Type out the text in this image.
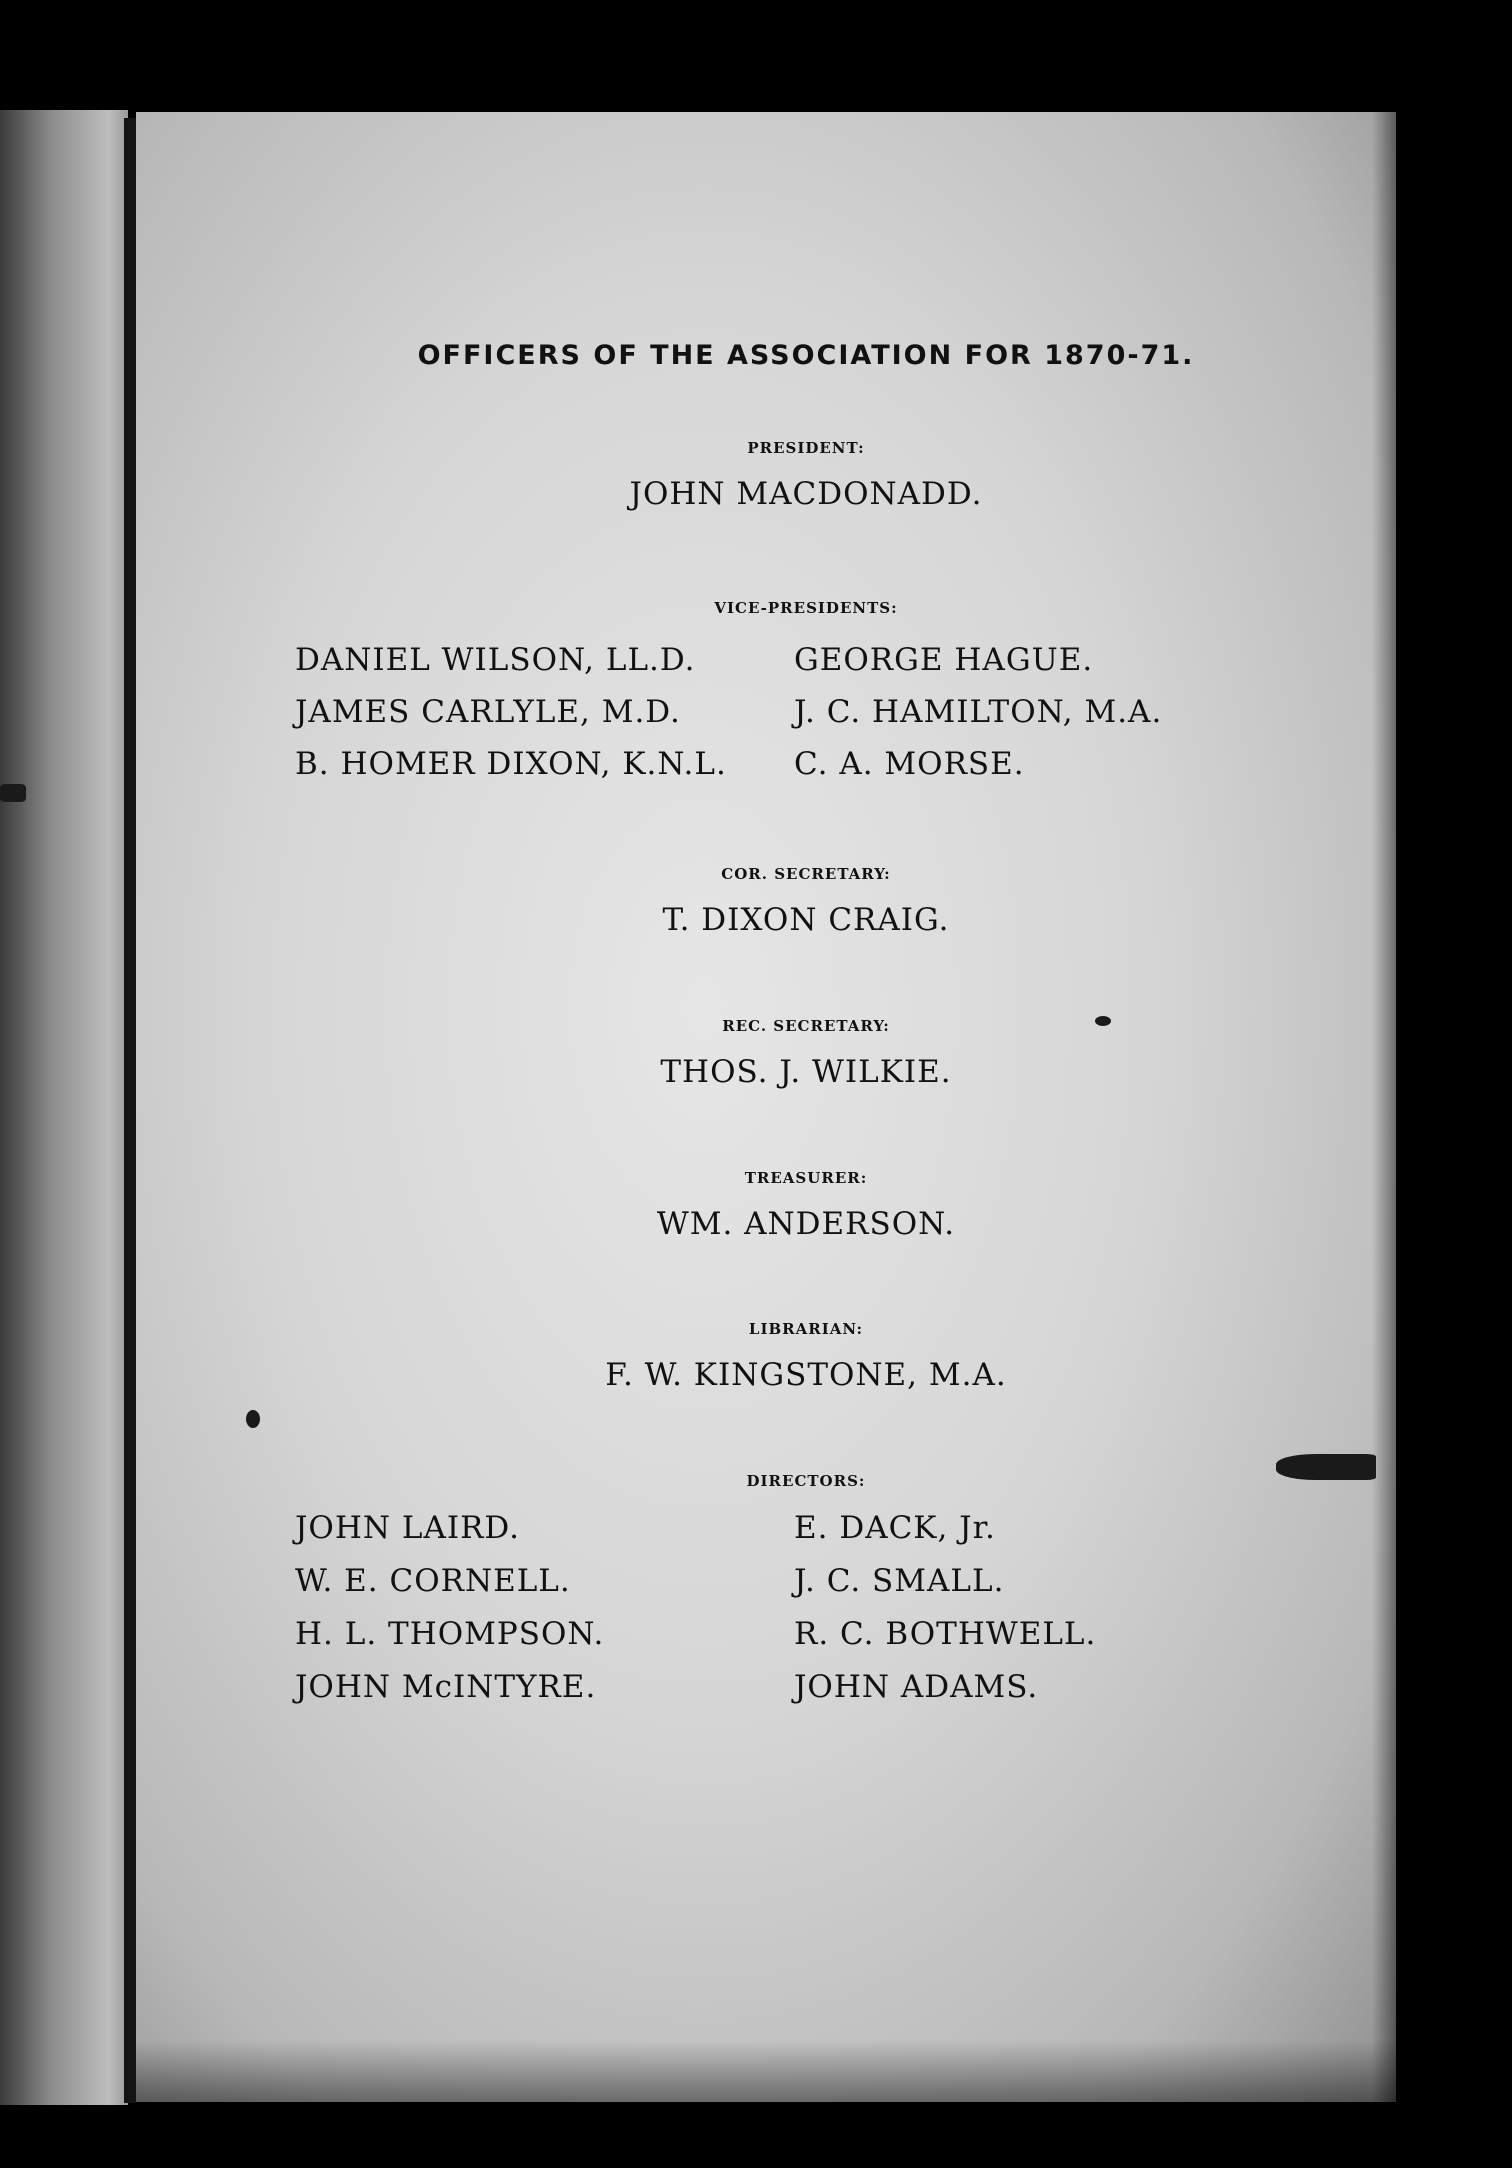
OFFICERS OF THE ASSOCIATION FOR 1870-71.
PRESIDENT:
JOHN MACDONADD.
VICE-PRESIDENTS:
DANIEL WILSON, LL.D.
JAMES CARLYLE, M.D.
B. HOMER DIXON, K.N.L.
GEORGE HAGUE.
J. C. HAMILTON, M.A.
C. A. MORSE.
COR. SECRETARY:
T. DIXON CRAIG.
REC. SECRETARY:
THOS. J. WILKIE.
TREASURER:
WM. ANDERSON.
LIBRARIAN:
F. W. KINGSTONE, M.A.
DIRECTORS:
JOHN LAIRD.
W. E. CORNELL.
H. L. THOMPSON.
JOHN McINTYRE.
E. DACK, Jr.
J. C. SMALL.
R. C. BOTHWELL.
JOHN ADAMS.
